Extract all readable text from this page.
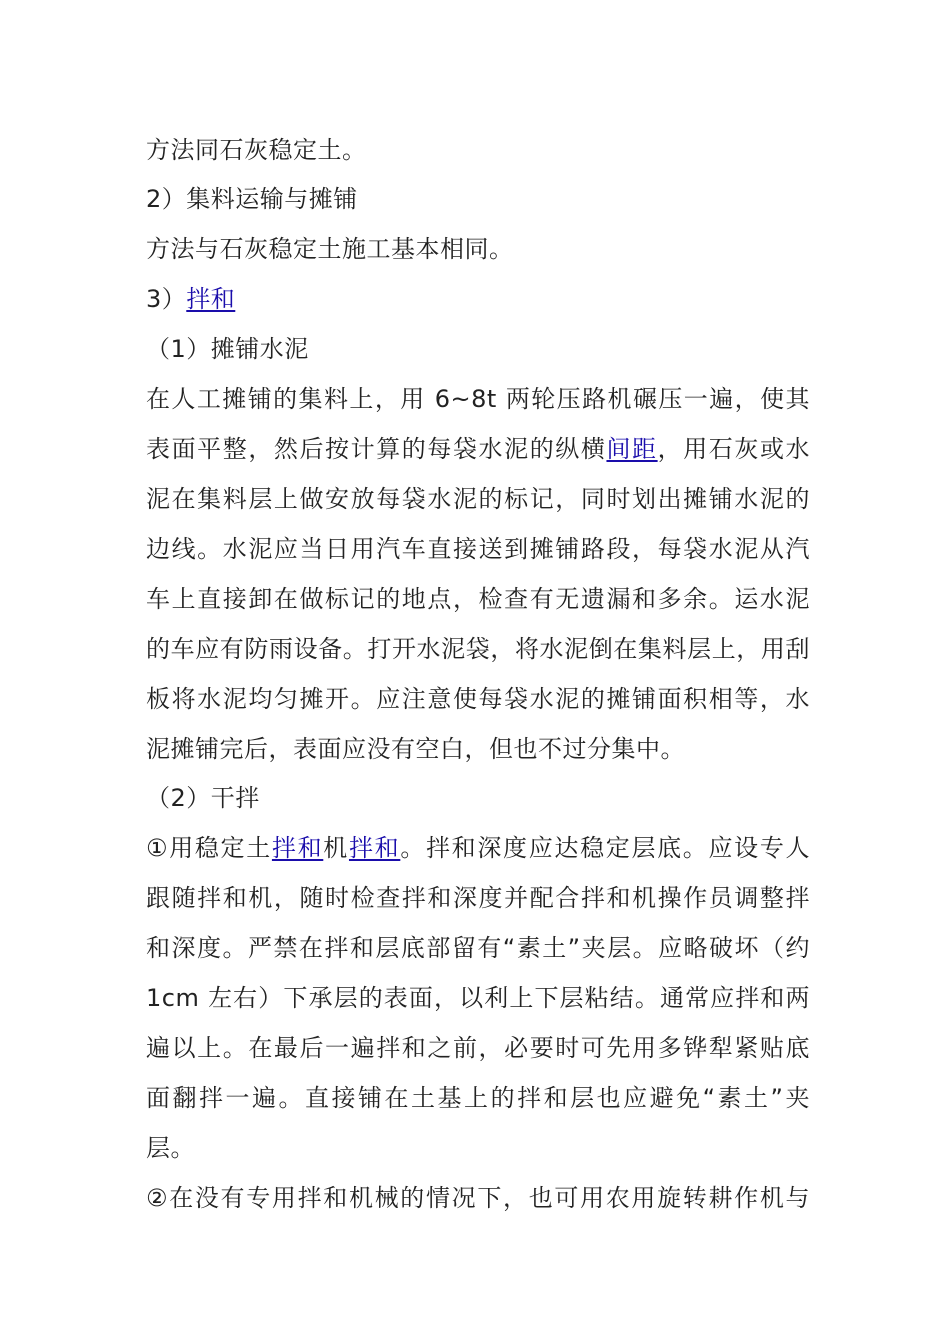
方法同石灰稳定土。
2）集料运输与摊铺
方法与石灰稳定土施工基本相同。
3）拌和
（1）摊铺水泥
在人工摊铺的集料上，用 6~8t 两轮压路机碾压一遍，使其
表面平整，然后按计算的每袋水泥的纵横间距，用石灰或水
泥在集料层上做安放每袋水泥的标记，同时划出摊铺水泥的
边线。水泥应当日用汽车直接送到摊铺路段，每袋水泥从汽
车上直接卸在做标记的地点，检查有无遗漏和多余。运水泥
的车应有防雨设备。打开水泥袋，将水泥倒在集料层上，用刮
板将水泥均匀摊开。应注意使每袋水泥的摊铺面积相等，水
泥摊铺完后，表面应没有空白，但也不过分集中。
（2）干拌
①用稳定土拌和机拌和。拌和深度应达稳定层底。应设专人
跟随拌和机，随时检查拌和深度并配合拌和机操作员调整拌
和深度。严禁在拌和层底部留有“素土”夹层。应略破坏（约
1cm 左右）下承层的表面，以利上下层粘结。通常应拌和两
遍以上。在最后一遍拌和之前，必要时可先用多铧犁紧贴底
面翻拌一遍。直接铺在土基上的拌和层也应避免“素土”夹
层。
②在没有专用拌和机械的情况下，也可用农用旋转耕作机与
